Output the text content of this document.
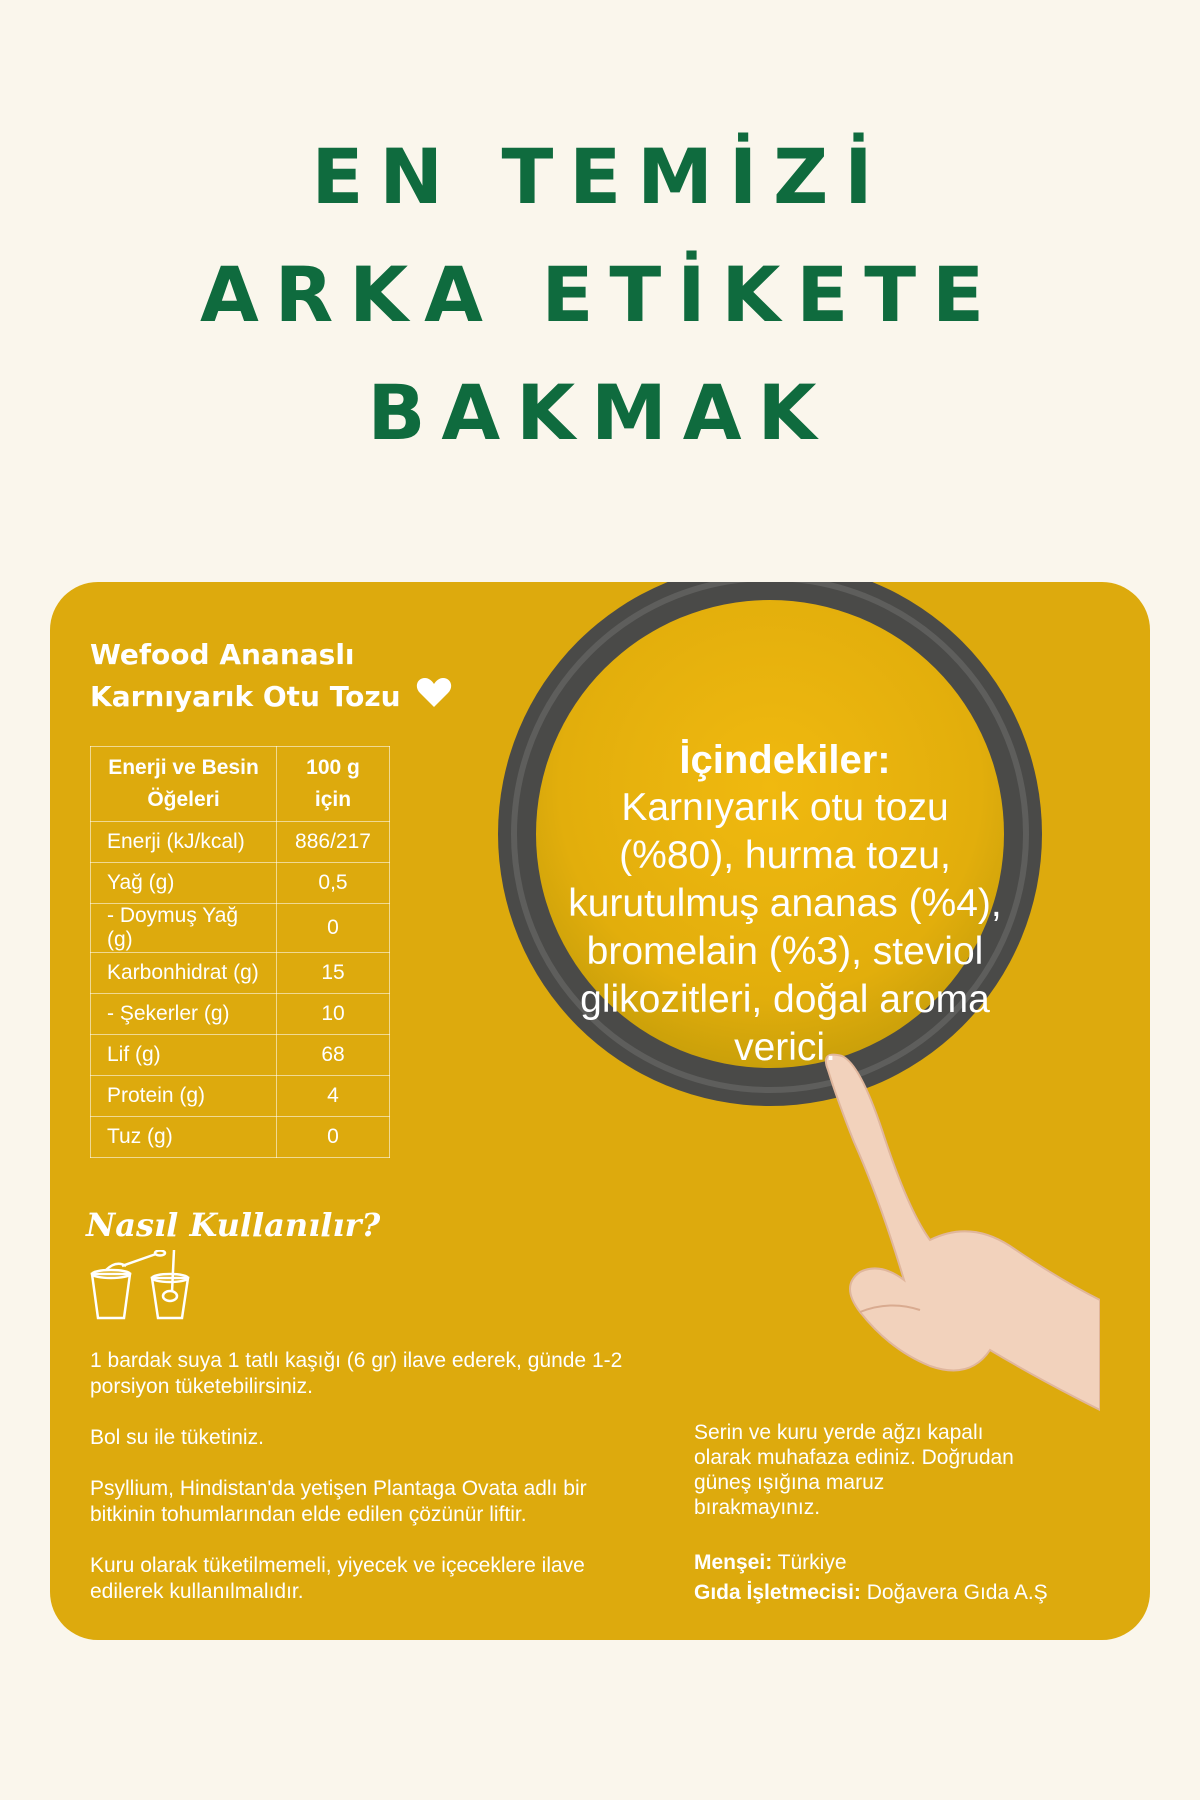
EN TEMİZİ
ARKA ETİKETE
BAKMAK
Wefood Ananaslı
Karnıyarık Otu Tozu
Enerji ve Besin Öğeleri	100 g için
Enerji (kJ/kcal)	886/217
Yağ (g)	0,5
- Doymuş Yağ (g)	0
Karbonhidrat (g)	15
- Şekerler (g)	10
Lif (g)	68
Protein (g)	4
Tuz (g)	0
Nasıl Kullanılır?

1 bardak suya 1 tatlı kaşığı (6 gr) ilave ederek, günde 1-2 porsiyon tüketebilirsiniz.

Bol su ile tüketiniz.

Psyllium, Hindistan'da yetişen Plantaga Ovata adlı bir bitkinin tohumlarından elde edilen çözünür liftir.

Kuru olarak tüketilmemeli, yiyecek ve içeceklere ilave edilerek kullanılmalıdır.

Serin ve kuru yerde ağzı kapalı olarak muhafaza ediniz. Doğrudan güneş ışığına maruz bırakmayınız.
Menşei: Türkiye
Gıda İşletmecisi: Doğavera Gıda A.Ş
İçindekiler:
Karnıyarık otu tozu (%80), hurma tozu, kurutulmuş ananas (%4), bromelain (%3), steviol glikozitleri, doğal aroma verici.
